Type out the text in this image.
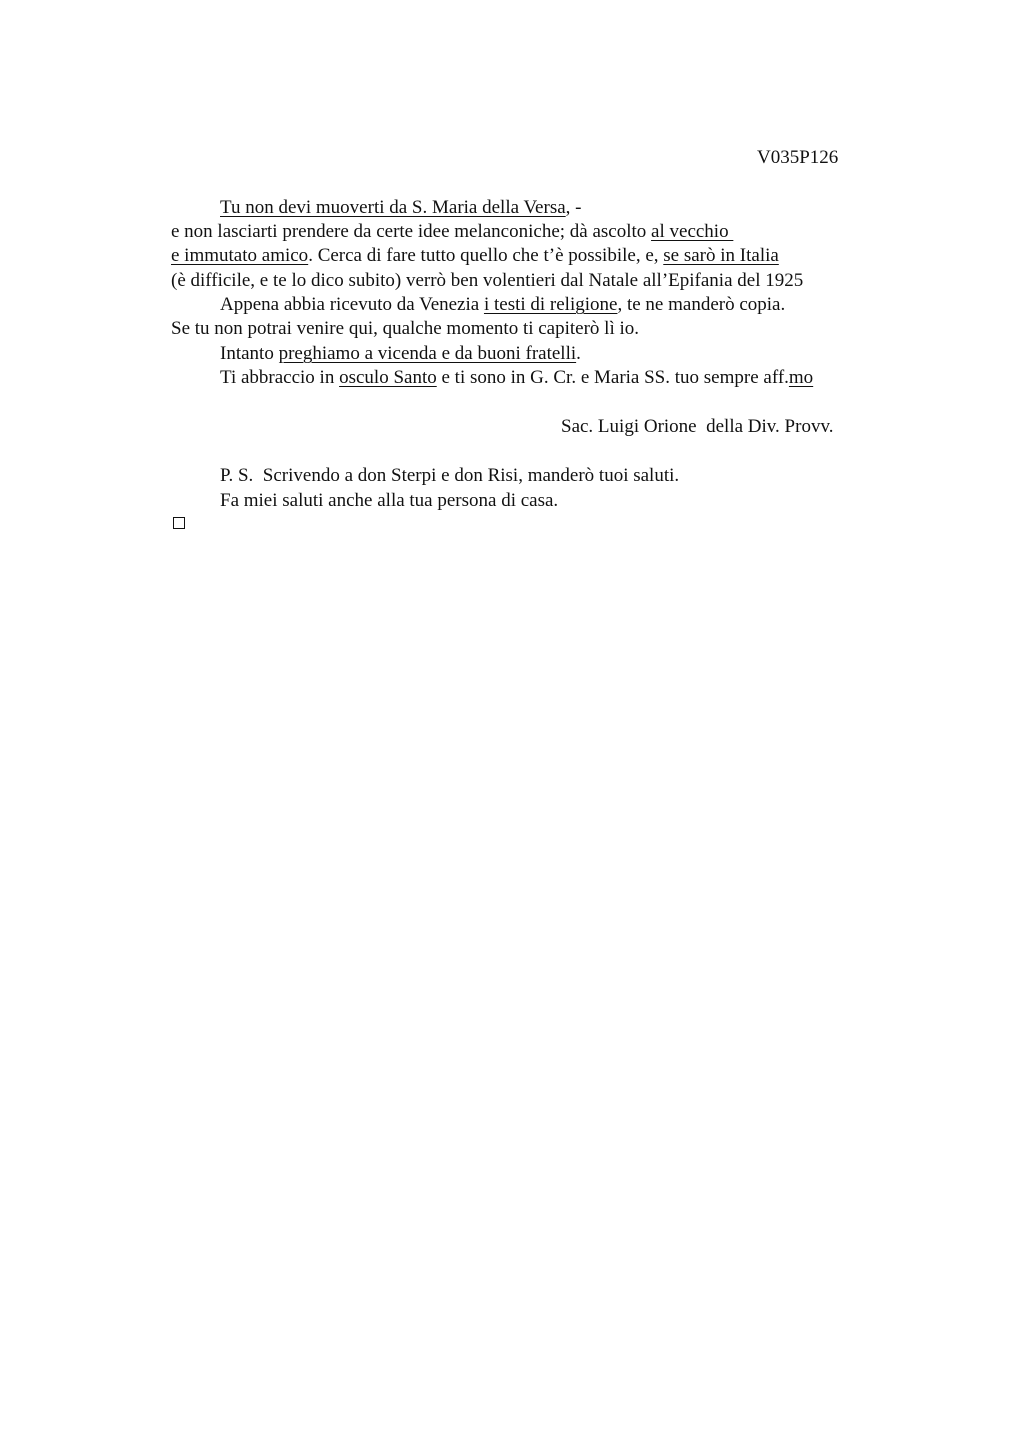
V035P126
Tu non devi muoverti da S. Maria della Versa, -
e non lasciarti prendere da certe idee melanconiche; dà ascolto al vecchio
e immutato amico. Cerca di fare tutto quello che t’è possibile, e, se sarò in Italia
(è difficile, e te lo dico subito) verrò ben volentieri dal Natale all’Epifania del 1925
Appena abbia ricevuto da Venezia i testi di religione, te ne manderò copia.
Se tu non potrai venire qui, qualche momento ti capiterò lì io.
Intanto preghiamo a vicenda e da buoni fratelli.
Ti abbraccio in osculo Santo e ti sono in G. Cr. e Maria SS. tuo sempre aff.mo
Sac. Luigi Orione  della Div. Provv.
P. S.  Scrivendo a don Sterpi e don Risi, manderò tuoi saluti.
Fa miei saluti anche alla tua persona di casa.
